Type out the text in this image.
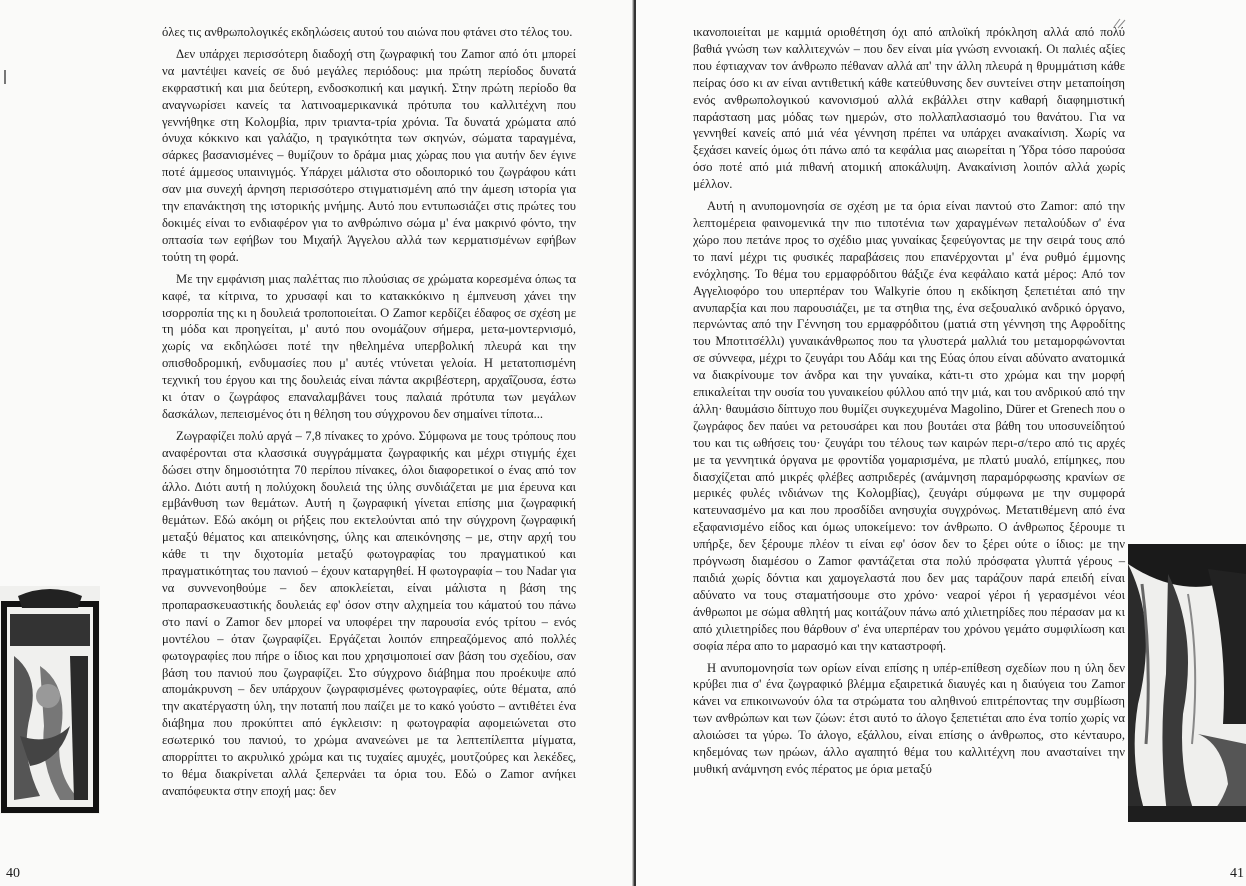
όλες τις ανθρωπολογικές εκδηλώσεις αυτού του αιώνα που φτάνει στο τέλος του.

Δεν υπάρχει περισσότερη διαδοχή στη ζωγραφική του Zamor από ότι μπορεί να μαντέψει κανείς σε δυό μεγάλες περιόδους: μια πρώτη περίοδος δυνατά εκφραστική και μια δεύτερη, ενδοσκοπική και μαγική. Στην πρώτη περίοδο θα αναγνωρίσει κανείς τα λατινοαμερικανικά πρότυπα του καλλιτέχνη που γεννήθηκε στη Κολομβία, πριν τριαντα-τρία χρόνια. Τα δυνατά χρώματα από όνυχα κόκκινο και γαλάζιο, η τραγικότητα των σκηνών, σώματα ταραγμένα, σάρκες βασανισμένες – θυμίζουν το δράμα μιας χώρας που για αυτήν δεν έγινε ποτέ άμμεσος υπαινιγμός. Υπάρχει μάλιστα στο οδοιπορικό του ζωγράφου κάτι σαν μια συνεχή άρνηση περισσότερο στιγματισμένη από την άμεση ιστορία για την επανάκτηση της ιστορικής μνήμης. Αυτό που εντυπωσιάζει στις πρώτες του δοκιμές είναι το ενδιαφέρον για το ανθρώπινο σώμα μ' ένα μακρινό φόντο, την οπτασία των εφήβων του Μιχαήλ Άγγελου αλλά των κερματισμένων εφήβων τούτη τη φορά.

Με την εμφάνιση μιας παλέττας πιο πλούσιας σε χρώματα κορεσμένα όπως τα καφέ, τα κίτρινα, το χρυσαφί και το κατακκόκινο η έμπνευση χάνει την ισορροπία της κι η δουλειά τροποποιείται. Ο Zamor κερδίζει έδαφος σε σχέση με τη μόδα και προηγείται, μ' αυτό που ονομάζουν σήμερα, μετα-μοντερνισμό, χωρίς να εκδηλώσει ποτέ την ηθελημένα υπερβολική πλευρά και την οπισθοδρομική, ενδυμασίες που μ' αυτές ντύνεται γελοία. Η μετατοπισμένη τεχνική του έργου και της δουλειάς είναι πάντα ακριβέστερη, αρχαΐζουσα, έστω κι όταν ο ζωγράφος επαναλαμβάνει τους παλαιά πρότυπα των μεγάλων δασκάλων, πεπεισμένος ότι η θέληση του σύγχρονου δεν σημαίνει τίποτα...

Ζωγραφίζει πολύ αργά – 7,8 πίνακες το χρόνο. Σύμφωνα με τους τρόπους που αναφέρονται στα κλασσικά συγγράμματα ζωγραφικής και μέχρι στιγμής έχει δώσει στην δημοσιότητα 70 περίπου πίνακες, όλοι διαφορετικοί ο ένας από τον άλλο. Διότι αυτή η πολύχοκη δουλειά της ύλης συνδιάζεται με μια έρευνα και εμβάνθυση των θεμάτων. Αυτή η ζωγραφική γίνεται επίσης μια ζωγραφική θεμάτων. Εδώ ακόμη οι ρήξεις που εκτελούνται από την σύγχρονη ζωγραφική μεταξύ θέματος και απεικόνησης, ύλης και απεικόνησης – με, στην αρχή του κάθε τι την διχοτομία μεταξύ φωτογραφίας του πραγματικού και πραγματικότητας του πανιού – έχουν καταργηθεί. Η φωτογραφία – του Nadar για να συννενοηθούμε – δεν αποκλείεται, είναι μάλιστα η βάση της προπαρασκευαστικής δουλειάς εφ' όσον στην αλχημεία του κάματού του πάνω στο πανί ο Zamor δεν μπορεί να υποφέρει την παρουσία ενός τρίτου – ενός μοντέλου – όταν ζωγραφίζει. Εργάζεται λοιπόν επηρεαζόμενος από πολλές φωτογραφίες που πήρε ο ίδιος και που χρησιμοποιεί σαν βάση του σχεδίου, σαν βάση του πανιού που ζωγραφίζει. Στο σύγχρονο διάβημα που προέκυψε από απομάκρυνση – δεν υπάρχουν ζωγραφισμένες φωτογραφίες, ούτε θέματα, από την ακατέργαστη ύλη, την ποταπή που παίζει με το κακό γούστο – αντιθέτει ένα διάβημα που προκύπτει από έγκλεισιν: η φωτογραφία αφομειώνεται στο εσωτερικό του πανιού, το χρώμα ανανεώνει με τα λεπτεπίλεπτα μίγματα, απορρίπτει το ακρυλικό χρώμα και τις τυχαίες αμυχές, μουτζούρες και λεκέδες, το θέμα διακρίνεται αλλά ξεπερνάει τα όρια του. Εδώ ο Zamor ανήκει αναπόφευκτα στην εποχή μας: δεν

40

ικανοποιείται με καμμιά οριοθέτηση όχι από απλοϊκή πρόκληση αλλά από πολύ βαθιά γνώση των καλλιτεχνών – που δεν είναι μία γνώση εννοιακή. Οι παλιές αξίες που έφτιαχναν τον άνθρωπο πέθαναν αλλά απ' την άλλη πλευρά η θρυμμάτιση κάθε πείρας όσο κι αν είναι αντιθετική κάθε κατεύθυνσης δεν συντείνει στην μεταποίηση ενός ανθρωπολογικού κανονισμού αλλά εκβάλλει στην καθαρή διαφημιστική παράσταση μας μόδας των ημερών, στο πολλαπλασιασμό του θανάτου. Για να γεννηθεί κανείς από μιά νέα γέννηση πρέπει να υπάρχει ανακαίνιση. Χωρίς να ξεχάσει κανείς όμως ότι πάνω από τα κεφάλια μας αιωρείται η Ύδρα τόσο παρούσα όσο ποτέ από μιά πιθανή ατομική αποκάλυψη. Ανακαίνιση λοιπόν αλλά χωρίς μέλλον.

Αυτή η ανυπομονησία σε σχέση με τα όρια είναι παντού στο Zamor: από την λεπτομέρεια φαινομενικά την πιο τιποτένια των χαραγμένων πεταλούδων σ' ένα χώρο που πετάνε προς το σχέδιο μιας γυναίκας ξεφεύγοντας με την σειρά τους από το πανί μέχρι τις φυσικές παραβάσεις που επανέρχονται μ' ένα ρυθμό έμμονης ενόχλησης. Το θέμα του ερμαφρόδιτου θάξιζε ένα κεφάλαιο κατά μέρος: Από τον Αγγελιοφόρο του υπερπέραν του Walkyrie όπου η εκδίκηση ξεπετιέται από την ανυπαρξία και που παρουσιάζει, με τα στηθια της, ένα σεξουαλικό ανδρικό όργανο, περνώντας από την Γέννηση του ερμαφρόδιτου (ματιά στη γέννηση της Αφροδίτης του Μποτιτσέλλι) γυναικάνθρωπος που τα γλυστερά μαλλιά του μεταμορφώνονται σε σύννεφα, μέχρι το ζευγάρι του Αδάμ και της Εύας όπου είναι αδύνατο ανατομικά να διακρίνουμε τον άνδρα και την γυναίκα, κάτι-τι στο χρώμα και την μορφή επικαλείται την ουσία του γυναικείου φύλλου από την μιά, και του ανδρικού από την άλλη· θαυμάσιο δίπτυχο που θυμίζει συγκεχυμένα Magolino, Dürer et Grenech που ο ζωγράφος δεν παύει να ρετουσάρει και που βουτάει στα βάθη του υποσυνείδητού του και τις ωθήσεις του· ζευγάρι του τέλους των καιρών περι-σ/τερο από τις αρχές με τα γεννητικά όργανα με φροντίδα γομαρισμένα, με πλατύ μυαλό, επίμηκες, που διασχίζεται από μικρές φλέβες ασπριδερές (ανάμνηση παραμόρφωσης κρανίων σε μερικές φυλές ινδιάνων της Κολομβίας), ζευγάρι σύμφωνα με την συμφορά κατευνασμένο μα και που προσδίδει ανησυχία συγχρόνως. Μετατιθέμενη από ένα εξαφανισμένο είδος και όμως υποκείμενο: τον άνθρωπο. Ο άνθρωπος ξέρουμε τι υπήρξε, δεν ξέρουμε πλέον τι είναι εφ' όσον δεν το ξέρει ούτε ο ίδιος: με την πρόγνωση διαμέσου ο Zamor φαντάζεται στα πολύ πρόσφατα γλυπτά γέρους – παιδιά χωρίς δόντια και χαμογελαστά που δεν μας ταράζουν παρά επειδή είναι αδύνατο να τους σταματήσουμε στο χρόνο· νεαροί γέροι ή γερασμένοι νέοι άνθρωποι με σώμα αθλητή μας κοιτάζουν πάνω από χιλιετηρίδες που πέρασαν μα κι από χιλιετηρίδες που θάρθουν σ' ένα υπερπέραν του χρόνου γεμάτο συμφιλίωση και σοφία πέρα απο το μαρασμό και την καταστροφή.

Η ανυπομονησία των ορίων είναι επίσης η υπέρ-επίθεση σχεδίων που η ύλη δεν κρύβει πια σ' ένα ζωγραφικό βλέμμα εξαιρετικά διαυγές και η διαύγεια του Zamor κάνει να επικοινωνούν όλα τα στρώματα του αληθινού επιτρέποντας την συμβίωση των ανθρώπων και των ζώων: έτσι αυτό το άλογο ξεπετιέται απο ένα τοπίο χωρίς να αλοιώσει τα γύρω. Το άλογο, εξάλλου, είναι επίσης ο άνθρωπος, στο κένταυρο, κηδεμόνας των ηρώων, άλλο αγαπητό θέμα του καλλιτέχνη που ανασταίνει την μυθική ανάμνηση ενός πέρατος με όρια μεταξύ

41
